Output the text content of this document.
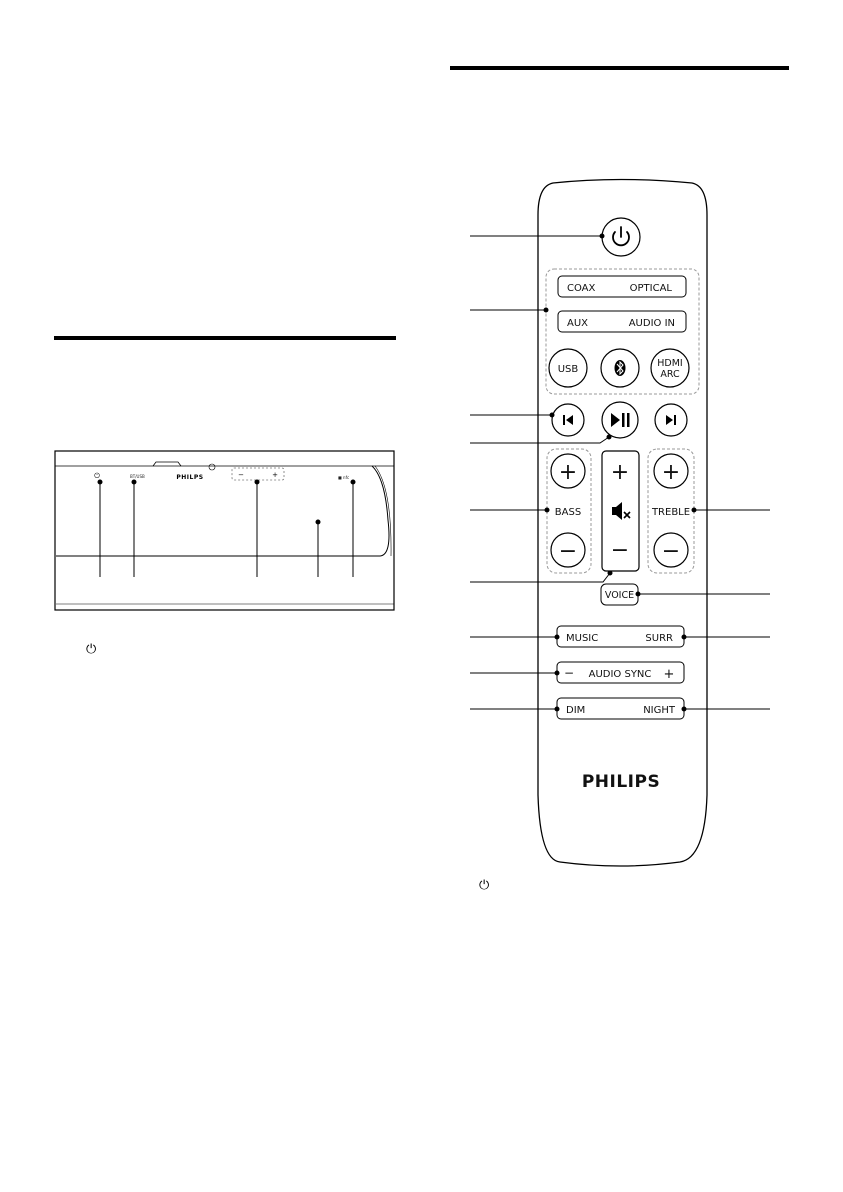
⏻	BT/USB	PHILPS	−	+	■ nfc
COAX	OPTICAL
AUX	AUDIO IN
USB
HDMI
ARC
+
BASS
−
+
−
+
TREBLE
−
VOICE
MUSIC	SURR
− AUDIO SYNC +
DIM	NIGHT
PHILIPS
⏻
⏻
